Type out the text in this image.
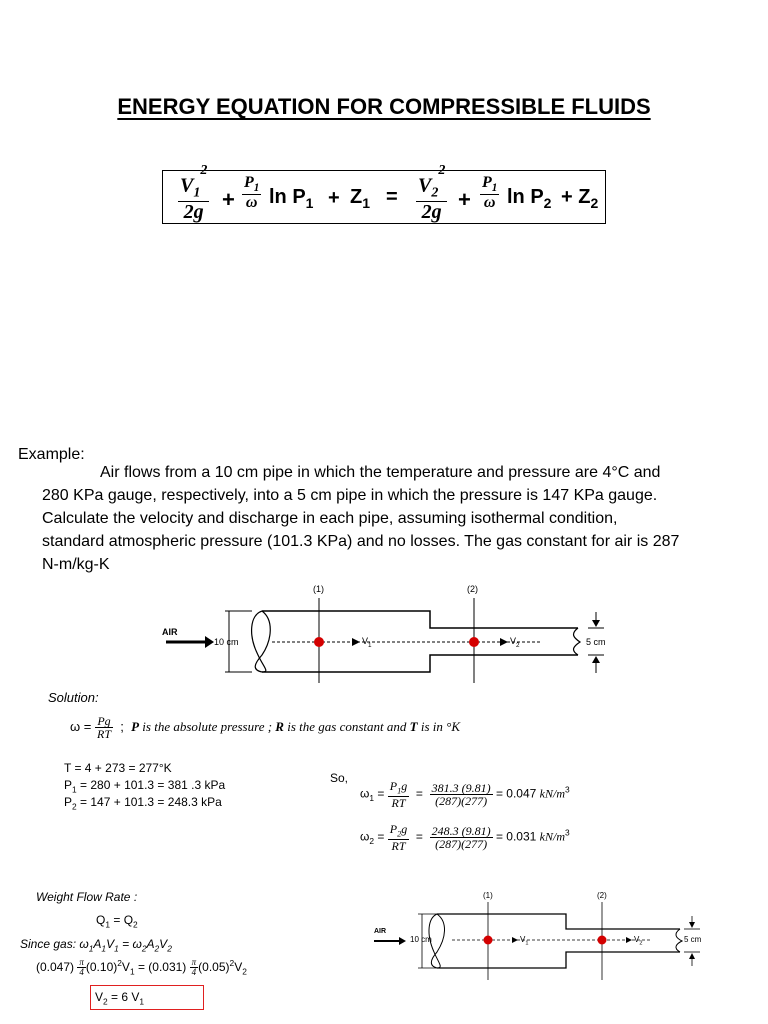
ENERGY EQUATION FOR COMPRESSIBLE FLUIDS
$\frac{V_1^2}{2g} + \frac{P_1}{\omega}$ $\ln P_1 + Z_1 = \frac{V_2^2}{2g} + \frac{P_1}{\omega}$ $\ln P_2 + Z_2$
Example:
Air flows from a 10 cm pipe in which the temperature and pressure are 4°C and
280 KPa gauge, respectively, into a 5 cm pipe in which the pressure is 147 KPa gauge.
Calculate the velocity and discharge in each pipe, assuming isothermal condition,
standard atmospheric pressure (101.3 KPa) and no losses. The gas constant for air is 287
N-m/kg-K
(1)	(2)
AIR
10 cm	$V_1$	$V_2$	5 cm
Solution:
$\omega = \frac{Pg}{RT}$ ; P is the absolute pressure ; R is the gas constant and T is in °K
T = 4 + 273 = 277°K
$P_1 = 280 + 101.3 = 381$ .3 kPa
$P_2 = 147 + 101.3 = 248.3$ kPa
So,
$\omega_1 = \frac{P_1g}{RT} = \frac{381.3 (9.81)}{(287)(277)} = 0.047$ $kN/m^3$
$\omega_2 = \frac{P_2g}{RT} = \frac{248.3 (9.81)}{(287)(277)} = 0.031$ $kN/m^3$
Weight Flow Rate :
$Q_1 = Q_2$
Since gas: $\omega_1A_1V_1 = \omega_2A_2V_2$
$(0.047) \frac{\pi}{4} (0.10)^2V_1 = (0.031) \frac{\pi}{4} (0.05)^2V_2$
$V_2 = 6$ $V_1$
(1)	(2)
AIR
10 cm	$V_1$	$V_2$	5 cm
